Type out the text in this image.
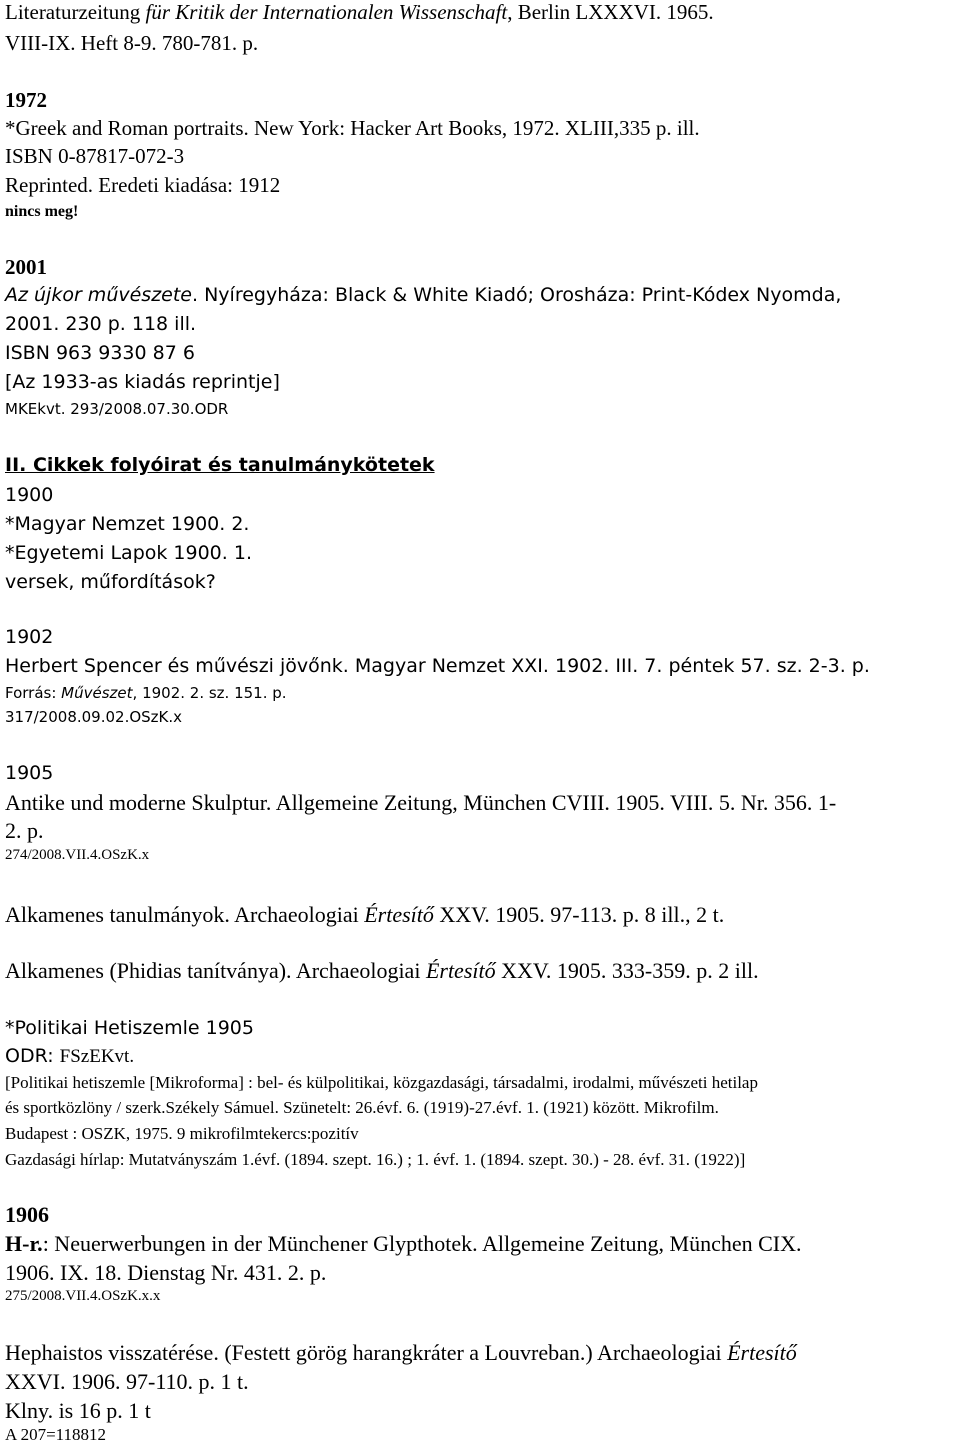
Literaturzeitung für Kritik der Internationalen Wissenschaft, Berlin LXXXVI. 1965.
VIII-IX. Heft 8-9. 780-781. p.
1972
*Greek and Roman portraits. New York: Hacker Art Books, 1972. XLIII,335 p. ill.
ISBN 0-87817-072-3
Reprinted. Eredeti kiadása: 1912
nincs meg!
2001
Az újkor művészete. Nyíregyháza: Black & White Kiadó; Orosháza: Print-Kódex Nyomda,
2001. 230 p. 118 ill.
ISBN 963 9330 87 6
[Az 1933-as kiadás reprintje]
MKEkvt. 293/2008.07.30.ODR
II. Cikkek folyóirat és tanulmánykötetek
1900
*Magyar Nemzet 1900. 2.
*Egyetemi Lapok 1900. 1.
versek, műfordítások?
1902
Herbert Spencer és művészi jövőnk. Magyar Nemzet XXI. 1902. III. 7. péntek 57. sz. 2-3. p.
Forrás: Művészet, 1902. 2. sz. 151. p.
317/2008.09.02.OSzK.x
1905
Antike und moderne Skulptur. Allgemeine Zeitung, München CVIII. 1905. VIII. 5. Nr. 356. 1-
2. p.
274/2008.VII.4.OSzK.x
Alkamenes tanulmányok. Archaeologiai Értesítő XXV. 1905. 97-113. p. 8 ill., 2 t.
Alkamenes (Phidias tanítványa). Archaeologiai Értesítő XXV. 1905. 333-359. p. 2 ill.
*Politikai Hetiszemle 1905
ODR: FSzEKvt.
[Politikai hetiszemle [Mikroforma] : bel- és külpolitikai, közgazdasági, társadalmi, irodalmi, művészeti hetilap
és sportközlöny / szerk.Székely Sámuel. Szünetelt: 26.évf. 6. (1919)-27.évf. 1. (1921) között. Mikrofilm.
Budapest : OSZK, 1975. 9 mikrofilmtekercs:pozitív
Gazdasági hírlap: Mutatványszám 1.évf. (1894. szept. 16.) ; 1. évf. 1. (1894. szept. 30.) - 28. évf. 31. (1922)]
1906
H-r.: Neuerwerbungen in der Münchener Glypthotek. Allgemeine Zeitung, München CIX.
1906. IX. 18. Dienstag Nr. 431. 2. p.
275/2008.VII.4.OSzK.x.x
Hephaistos visszatérése. (Festett görög harangkráter a Louvreban.) Archaeologiai Értesítő
XXVI. 1906. 97-110. p. 1 t.
Klny. is 16 p. 1 t
A 207=118812
